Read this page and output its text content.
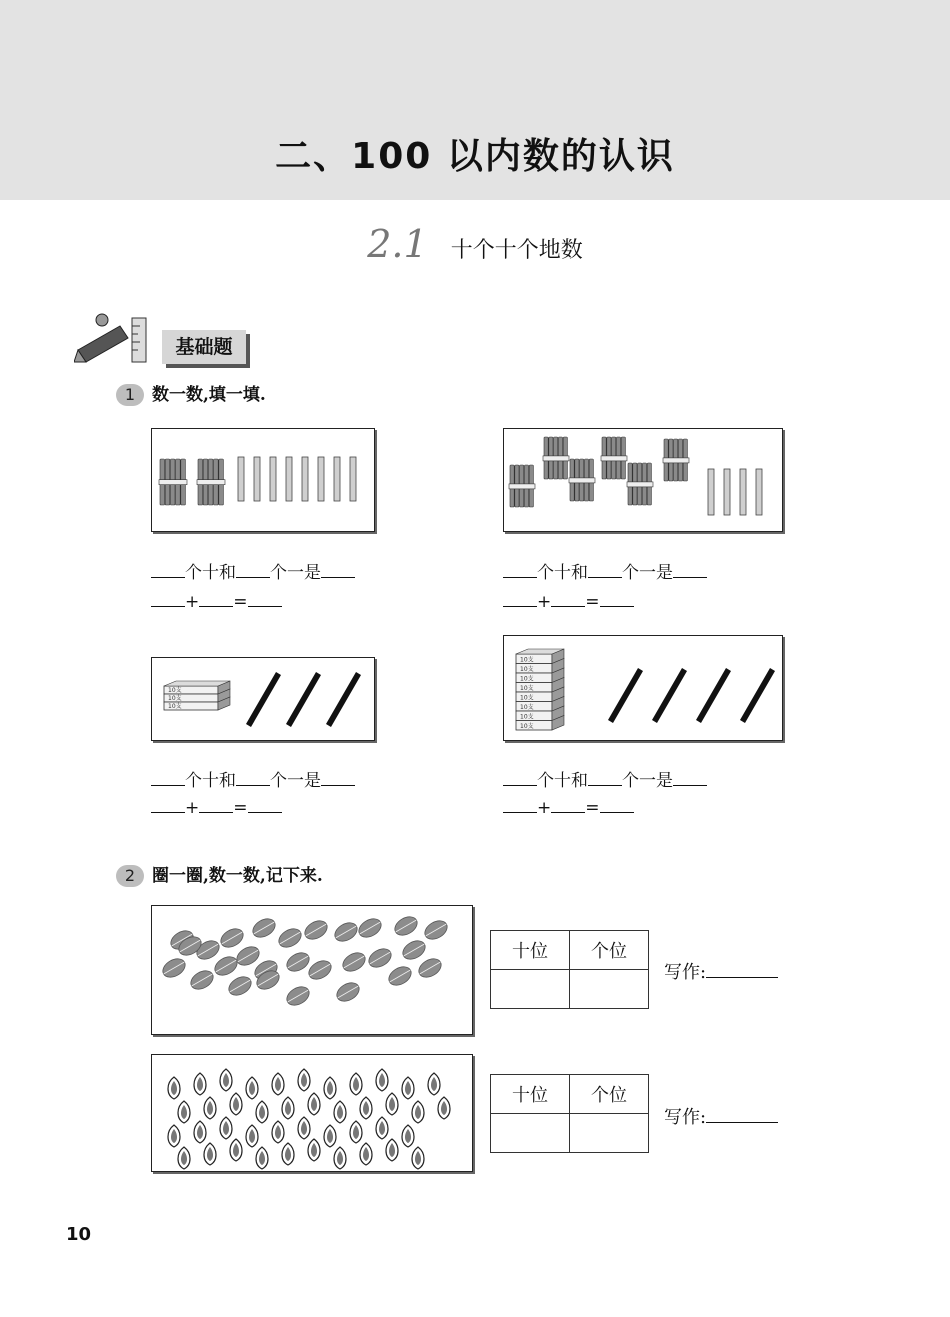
二、100 以内数的认识
2.1 十个十个地数
基础题
1 数一数,填一填.
10支
10支
10支
10支
10支
10支
10支
10支
10支
10支
10支
个十和 个一是
+ =
个十和 个一是
+ =
个十和 个一是
+ =
个十和 个一是
+ =
2 圈一圈,数一数,记下来.
十位	个位

十位	个位

写作:
写作:
10
